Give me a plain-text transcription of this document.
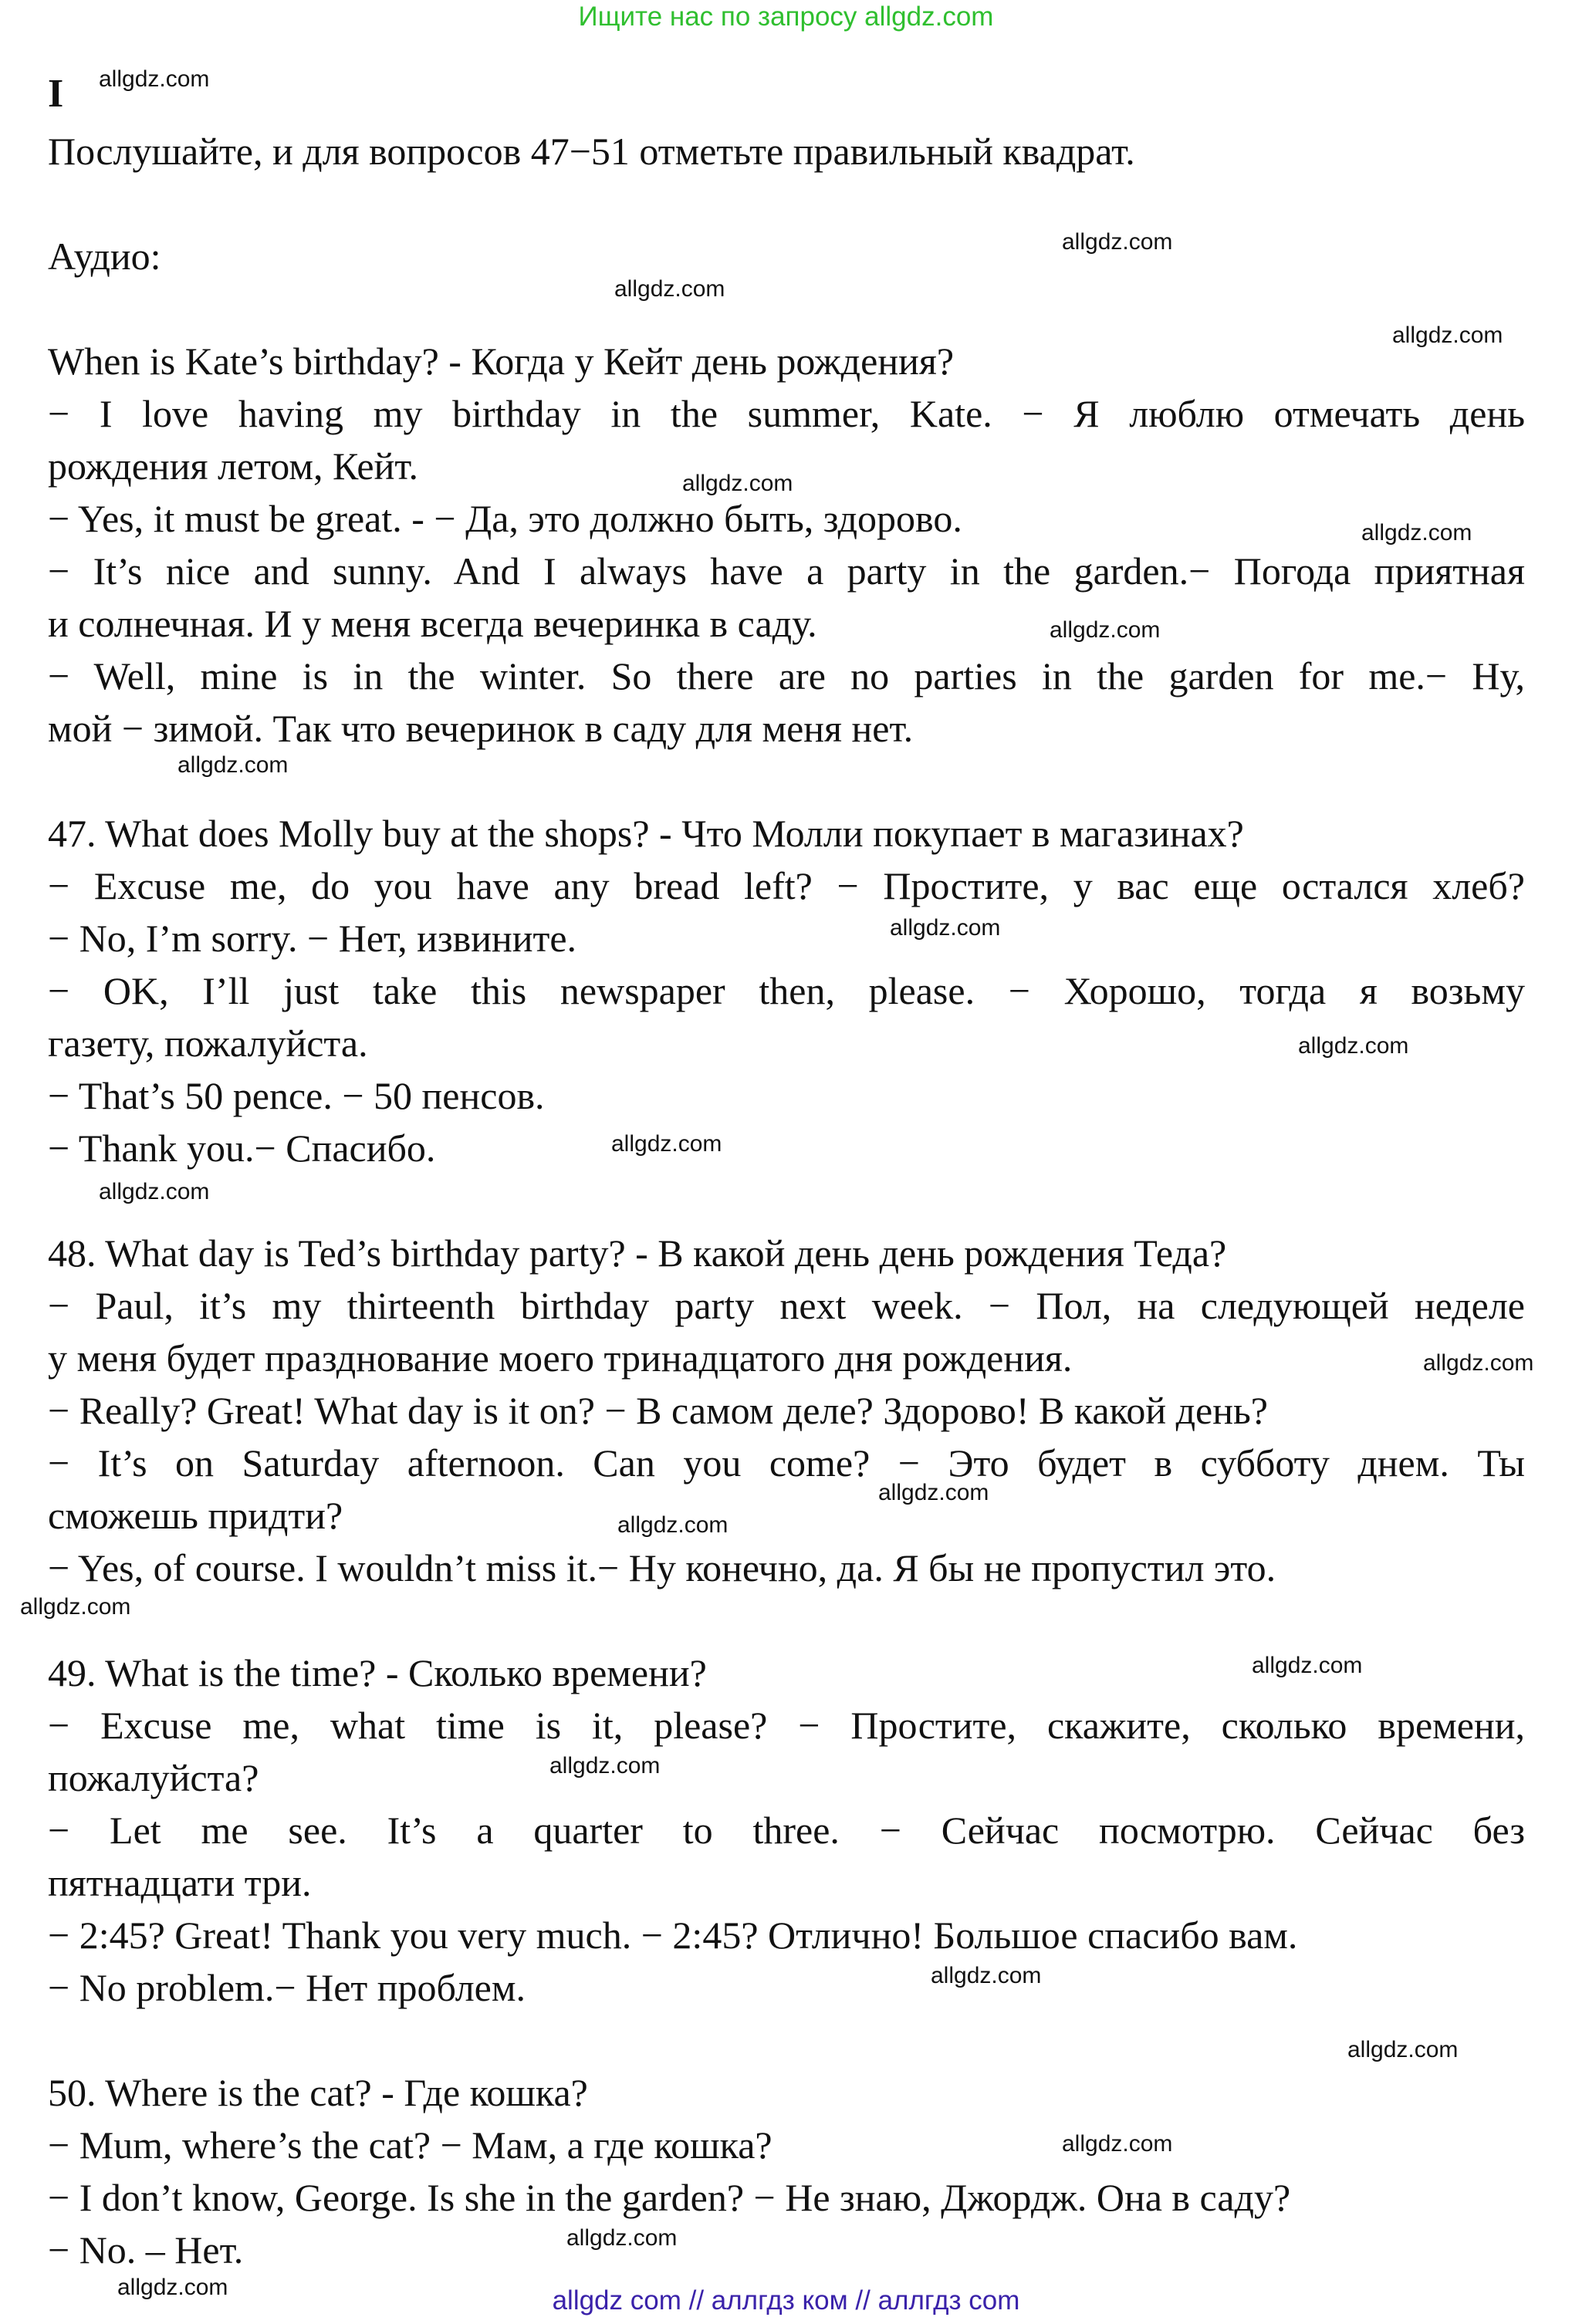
Ищите нас по запросу allgdz.com
I
Послушайте, и для вопросов 47−51 отметьте правильный квадрат.
Аудио:
When is Kate’s birthday? - Когда у Кейт день рождения?
− I love having my birthday in the summer, Kate. − Я люблю отмечать день
рождения летом, Кейт.
− Yes, it must be great. - − Да, это должно быть, здорово.
− It’s nice and sunny. And I always have a party in the garden.− Погода приятная
и солнечная. И у меня всегда вечеринка в саду.
− Well, mine is in the winter. So there are no parties in the garden for me.− Ну,
мой − зимой. Так что вечеринок в саду для меня нет.
47. What does Molly buy at the shops? - Что Молли покупает в магазинах?
− Excuse me, do you have any bread left? − Простите, у вас еще остался хлеб?
− No, I’m sorry. − Нет, извините.
− OK, I’ll just take this newspaper then, please. − Хорошо, тогда я возьму
газету, пожалуйста.
− That’s 50 pence. − 50 пенсов.
− Thank you.− Спасибо.
48. What day is Ted’s birthday party? - В какой день день рождения Теда?
− Paul, it’s my thirteenth birthday party next week. − Пол, на следующей неделе
у меня будет празднование моего тринадцатого дня рождения.
− Really? Great! What day is it on? − В самом деле? Здорово! В какой день?
− It’s on Saturday afternoon. Can you come? − Это будет в субботу днем. Ты
сможешь придти?
− Yes, of course. I wouldn’t miss it.− Ну конечно, да. Я бы не пропустил это.
49. What is the time? - Сколько времени?
− Excuse me, what time is it, please? − Простите, скажите, сколько времени,
пожалуйста?
− Let me see. It’s a quarter to three. − Сейчас посмотрю. Сейчас без
пятнадцати три.
− 2:45? Great! Thank you very much. − 2:45? Отлично! Большое спасибо вам.
− No problem.− Нет проблем.
50. Where is the cat? - Где кошка?
− Mum, where’s the cat? − Мам, а где кошка?
− I don’t know, George. Is she in the garden? − Не знаю, Джордж. Она в саду?
− No. – Нет.
allgdz.com
allgdz.com
allgdz.com
allgdz.com
allgdz.com
allgdz.com
allgdz.com
allgdz.com
allgdz.com
allgdz.com
allgdz.com
allgdz.com
allgdz.com
allgdz.com
allgdz.com
allgdz.com
allgdz.com
allgdz.com
allgdz.com
allgdz.com
allgdz.com
allgdz.com
allgdz.com	allgdz com // аллгдз ком // аллгдз com
